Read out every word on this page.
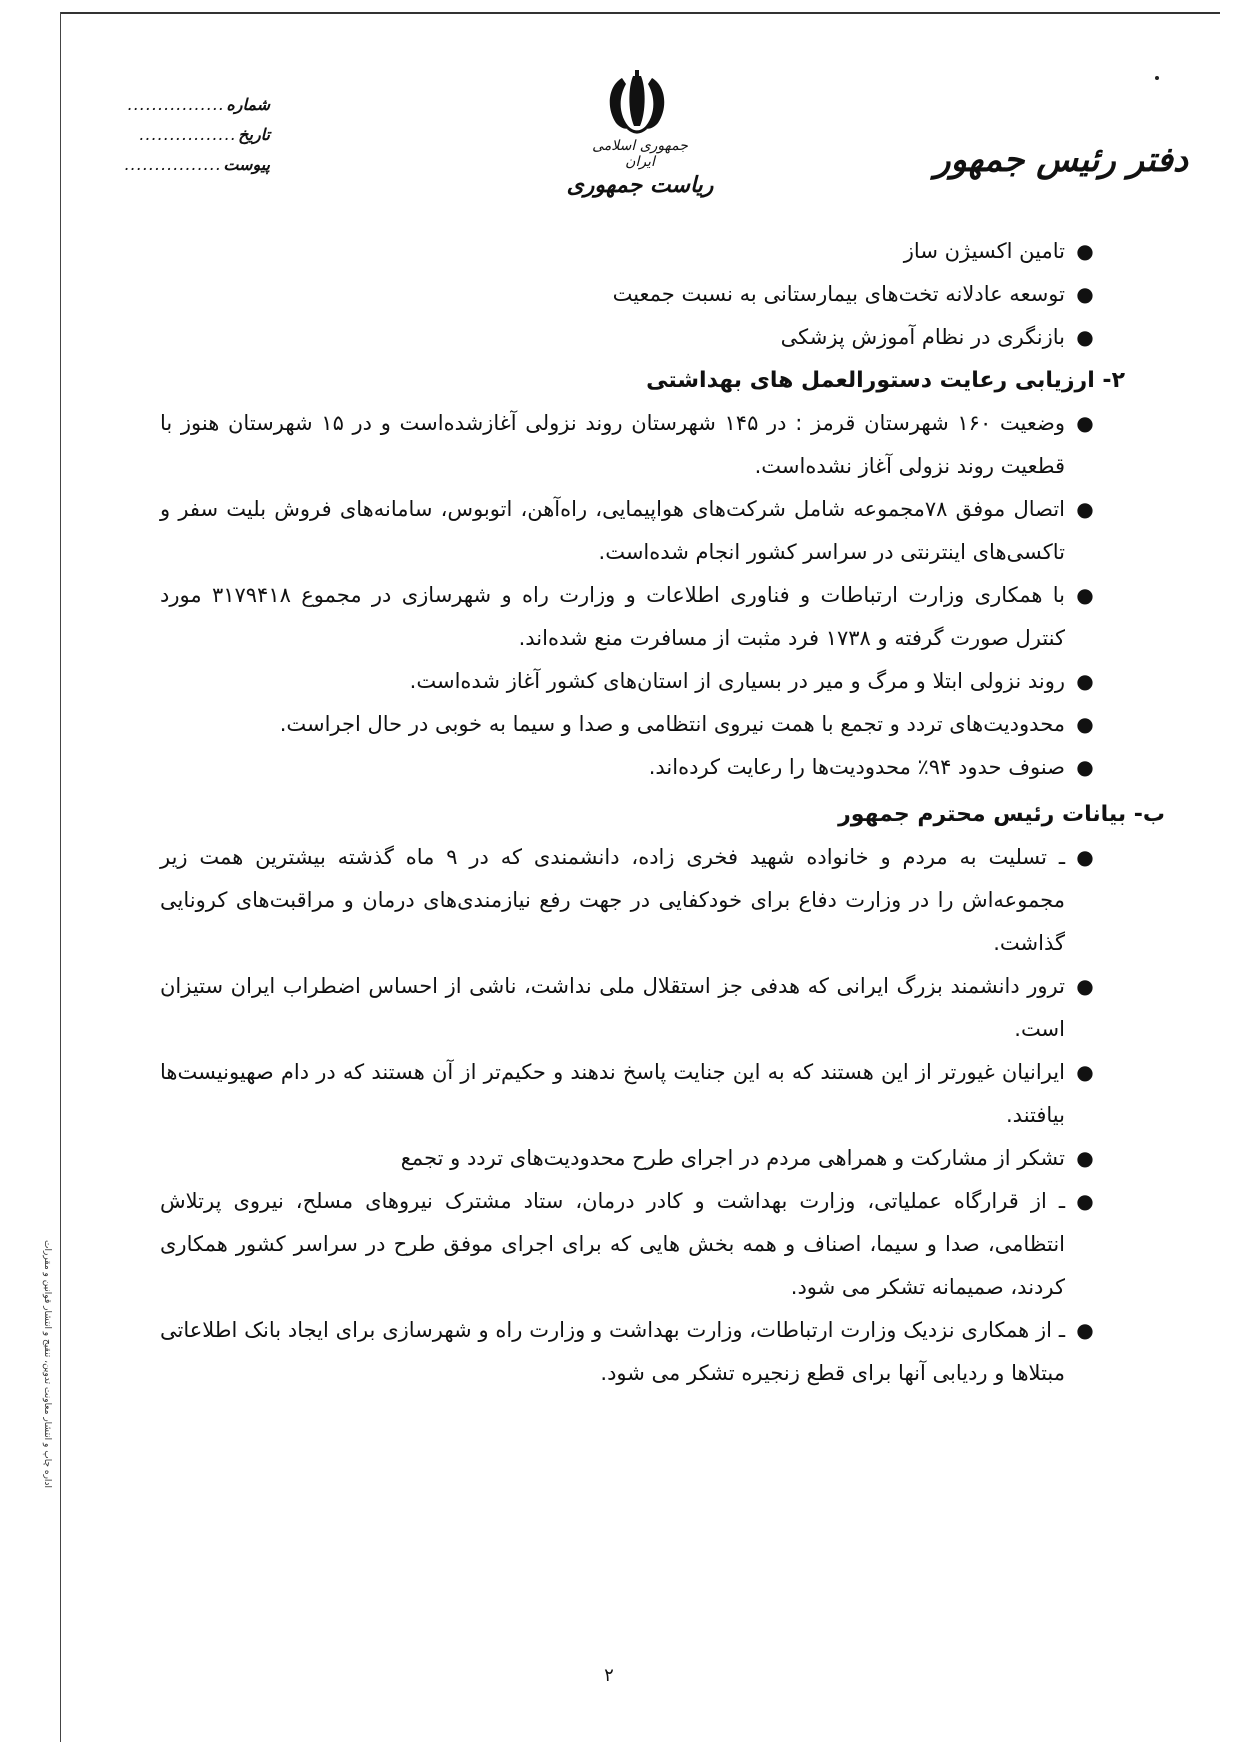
جمهوری اسلامی ایران
ریاست جمهوری
دفتر رئیس جمهور
شماره
................
تاریخ
................
پیوست
................
●
تامین اکسیژن ساز
●
توسعه عادلانه تخت‌های بیمارستانی به نسبت جمعیت
●
بازنگری در نظام آموزش پزشکی
۲- ارزیابی رعایت دستورالعمل های بهداشتی
●
وضعیت ۱۶۰ شهرستان قرمز : در ۱۴۵ شهرستان روند نزولی آغازشده‌است و در ۱۵ شهرستان هنوز با قطعیت روند نزولی آغاز نشده‌است.
●
اتصال موفق ۷۸مجموعه شامل شرکت‌های هواپیمایی، راه‌آهن، اتوبوس، سامانه‌های فروش بلیت سفر و تاکسی‌های اینترنتی در سراسر کشور انجام شده‌است.
●
با همکاری وزارت ارتباطات و فناوری اطلاعات و وزارت راه و شهرسازی در مجموع ۳۱۷۹۴۱۸ مورد کنترل صورت گرفته و ۱۷۳۸ فرد مثبت از مسافرت منع شده‌اند.
●
روند نزولی ابتلا و مرگ و میر در بسیاری از استان‌های کشور آغاز شده‌است.
●
محدودیت‌های تردد و تجمع با همت نیروی انتظامی و صدا و سیما به خوبی در حال اجراست.
●
صنوف حدود ۹۴٪ محدودیت‌ها را رعایت کرده‌اند.
ب- بیانات رئیس محترم جمهور
●
ـ تسلیت به مردم و خانواده شهید فخری زاده، دانشمندی که در ۹ ماه گذشته بیشترین همت زیر مجموعه‌اش را در وزارت دفاع برای خودکفایی در جهت رفع نیازمندی‌های درمان و مراقبت‌های کرونایی گذاشت.
●
ترور دانشمند بزرگ ایرانی که هدفی جز استقلال ملی نداشت، ناشی از احساس اضطراب ایران ستیزان است.
●
ایرانیان غیورتر از این هستند که به این جنایت پاسخ ندهند و حکیم‌تر از آن هستند که در دام صهیونیست‌ها بیافتند.
●
تشکر از مشارکت و همراهی مردم در اجرای طرح محدودیت‌های تردد و تجمع
●
ـ از قرارگاه عملیاتی، وزارت بهداشت و کادر درمان، ستاد مشترک نیروهای مسلح، نیروی پرتلاش انتظامی، صدا و سیما، اصناف و همه بخش هایی که برای اجرای موفق طرح در سراسر کشور همکاری کردند، صمیمانه تشکر می شود.
●
ـ از همکاری نزدیک وزارت ارتباطات، وزارت بهداشت و وزارت راه و شهرسازی برای ایجاد بانک اطلاعاتی مبتلاها و ردیابی آنها برای قطع زنجیره تشکر می شود.
اداره چاپ و انتشار معاونت تدوین، تنقیح و انتشار قوانین و مقررات
۲
